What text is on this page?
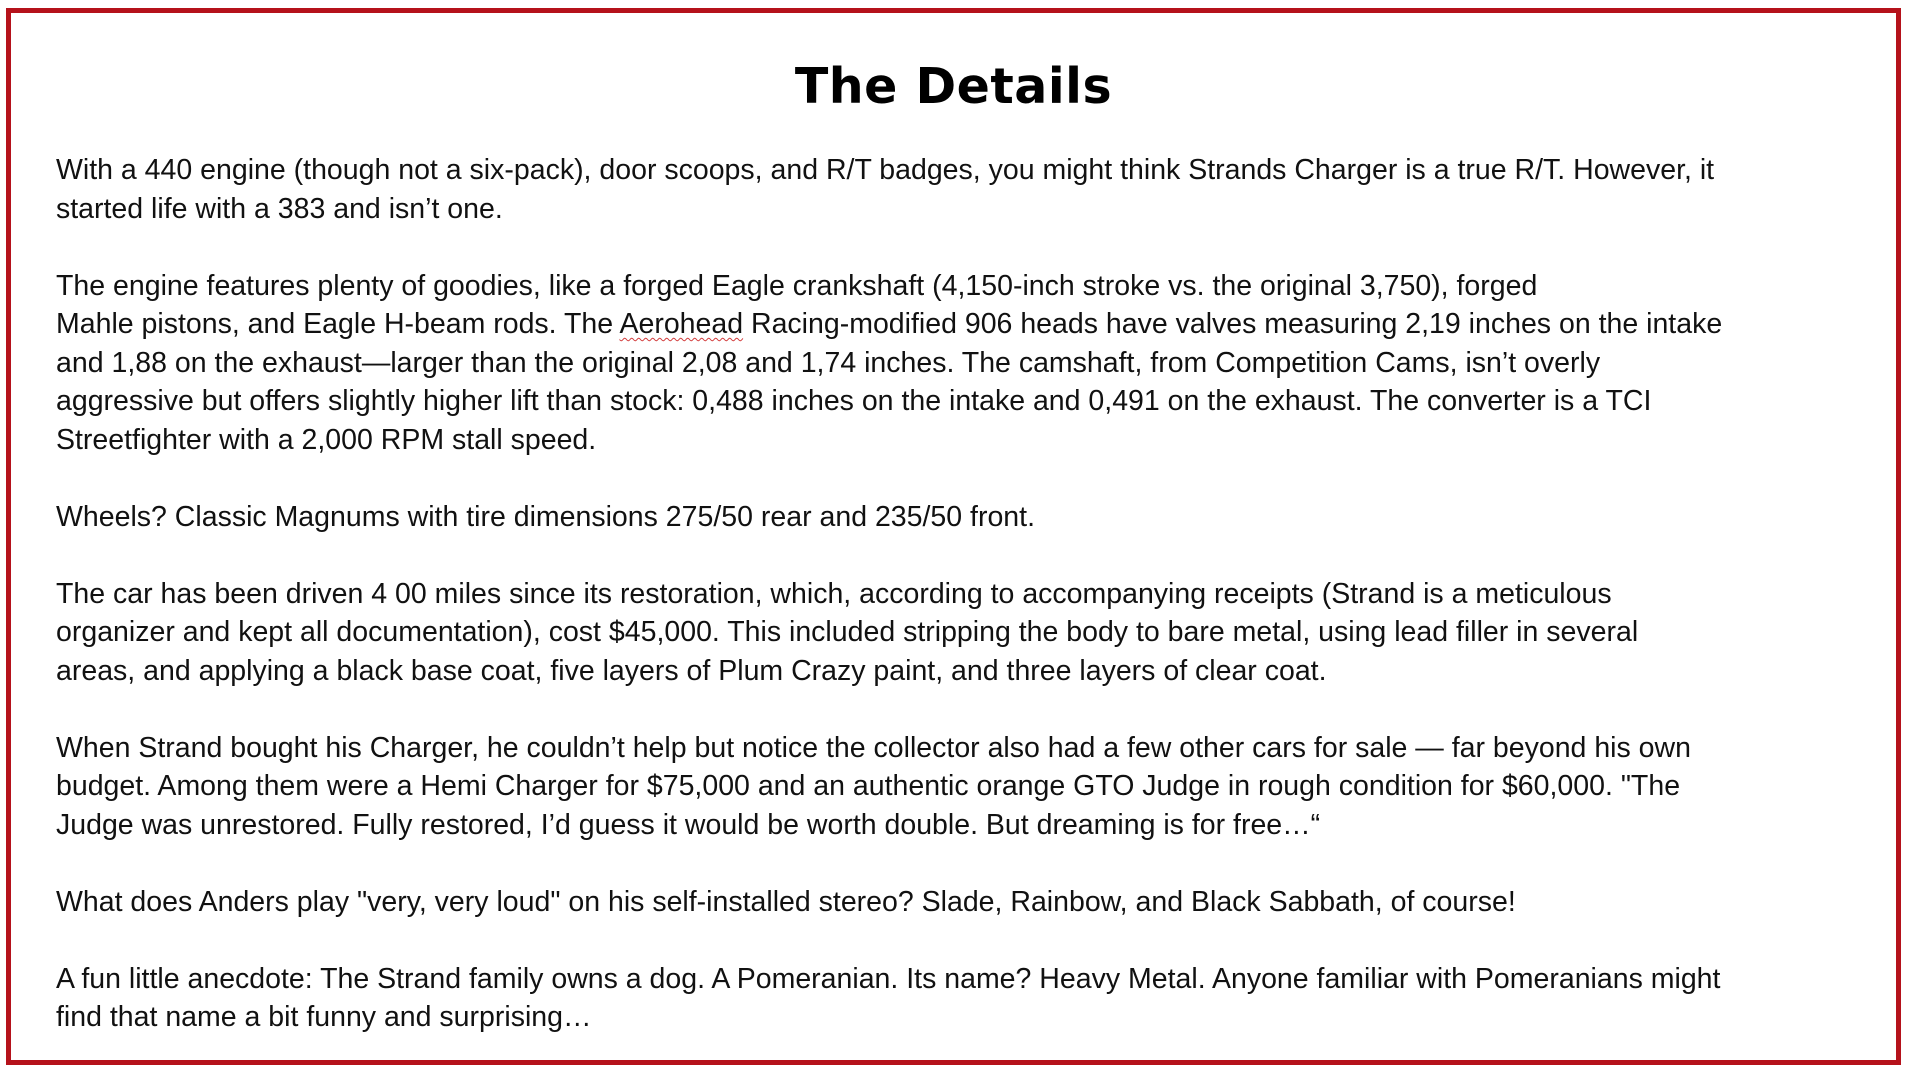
The Details

With a 440 engine (though not a six-pack), door scoops, and R/T badges, you might think Strands Charger is a true R/T. However, it
started life with a 383 and isn’t one.

The engine features plenty of goodies, like a forged Eagle crankshaft (4,150-inch stroke vs. the original 3,750), forged
Mahle pistons, and Eagle H-beam rods. The Aerohead Racing-modified 906 heads have valves measuring 2,19 inches on the intake
and 1,88 on the exhaust—larger than the original 2,08 and 1,74 inches. The camshaft, from Competition Cams, isn’t overly
aggressive but offers slightly higher lift than stock: 0,488 inches on the intake and 0,491 on the exhaust. The converter is a TCI
Streetfighter with a 2,000 RPM stall speed.

Wheels? Classic Magnums with tire dimensions 275/50 rear and 235/50 front.

The car has been driven 4 00 miles since its restoration, which, according to accompanying receipts (Strand is a meticulous
organizer and kept all documentation), cost $45,000. This included stripping the body to bare metal, using lead filler in several
areas, and applying a black base coat, five layers of Plum Crazy paint, and three layers of clear coat.

When Strand bought his Charger, he couldn’t help but notice the collector also had a few other cars for sale — far beyond his own
budget. Among them were a Hemi Charger for $75,000 and an authentic orange GTO Judge in rough condition for $60,000. "The
Judge was unrestored. Fully restored, I’d guess it would be worth double. But dreaming is for free…“

What does Anders play "very, very loud" on his self-installed stereo? Slade, Rainbow, and Black Sabbath, of course!

A fun little anecdote: The Strand family owns a dog. A Pomeranian. Its name? Heavy Metal. Anyone familiar with Pomeranians might
find that name a bit funny and surprising…
